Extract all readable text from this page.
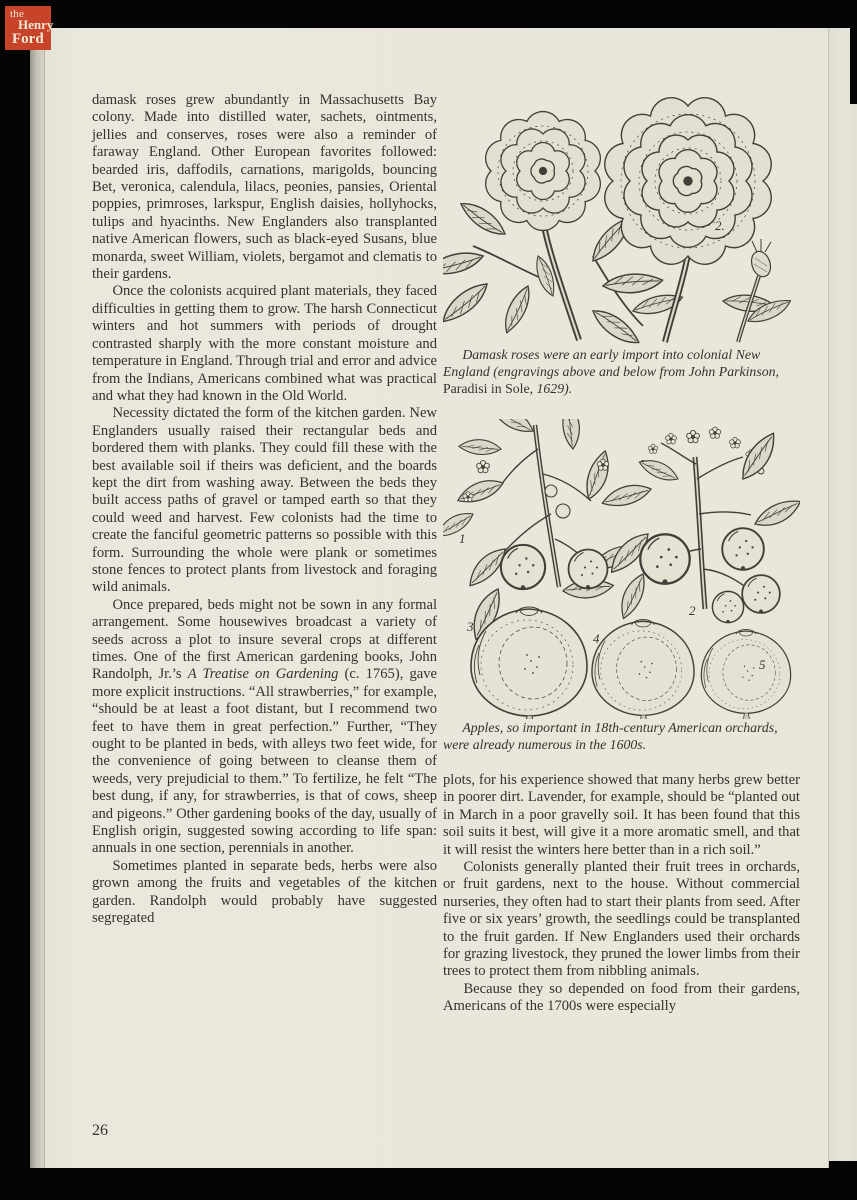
damask roses grew abundantly in Massachusetts Bay colony. Made into distilled water, sachets, ointments, jellies and conserves, roses were also a reminder of faraway England. Other European favorites followed: bearded iris, daffodils, carnations, marigolds, bouncing Bet, veronica, calendula, lilacs, peonies, pansies, Oriental poppies, primroses, larkspur, English daisies, hollyhocks, tulips and hyacinths. New Englanders also transplanted native American flowers, such as black-eyed Susans, blue monarda, sweet William, violets, bergamot and clematis to their gardens.

Once the colonists acquired plant materials, they faced difficulties in getting them to grow. The harsh Connecticut winters and hot summers with periods of drought contrasted sharply with the more constant moisture and temperature in England. Through trial and error and advice from the Indians, Americans combined what was practical and what they had known in the Old World.

Necessity dictated the form of the kitchen garden. New Englanders usually raised their rectangular beds and bordered them with planks. They could fill these with the best available soil if theirs was deficient, and the boards kept the dirt from washing away. Between the beds they built access paths of gravel or tamped earth so that they could weed and harvest. Few colonists had the time to create the fanciful geometric patterns so possible with this form. Surrounding the whole were plank or sometimes stone fences to protect plants from livestock and foraging wild animals.

Once prepared, beds might not be sown in any formal arrangement. Some housewives broadcast a variety of seeds across a plot to insure several crops at different times. One of the first American gardening books, John Randolph, Jr.’s A Treatise on Gardening (c. 1765), gave more explicit instructions. “All strawberries,” for example, “should be at least a foot distant, but I recommend two feet to have them in great perfection.” Further, “They ought to be planted in beds, with alleys two feet wide, for the convenience of going between to cleanse them of weeds, very prejudicial to them.” To fertilize, he felt “The best dung, if any, for strawberries, is that of cows, sheep and pigeons.” Other gardening books of the day, usually of English origin, suggested sowing according to life span: annuals in one section, perennials in another.

Sometimes planted in separate beds, herbs were also grown among the fruits and vegetables of the kitchen garden. Randolph would probably have suggested segregated

2.

Damask roses were an early import into colonial New England (engravings above and below from John Parkinson, Paradisi in Sole, 1629).

1
2
3
4
5

Apples, so important in 18th-century American orchards, were already numerous in the 1600s.

plots, for his experience showed that many herbs grew better in poorer dirt. Lavender, for example, should be “planted out in March in a poor gravelly soil. It has been found that this soil suits it best, will give it a more aromatic smell, and that it will resist the winters here better than in a rich soil.”

Colonists generally planted their fruit trees in orchards, or fruit gardens, next to the house. Without commercial nurseries, they often had to start their plants from seed. After five or six years’ growth, the seedlings could be transplanted to the fruit garden. If New Englanders used their orchards for grazing livestock, they pruned the lower limbs from their trees to protect them from nibbling animals.

Because they so depended on food from their gardens, Americans of the 1700s were especially

26
the
Henry
Ford
